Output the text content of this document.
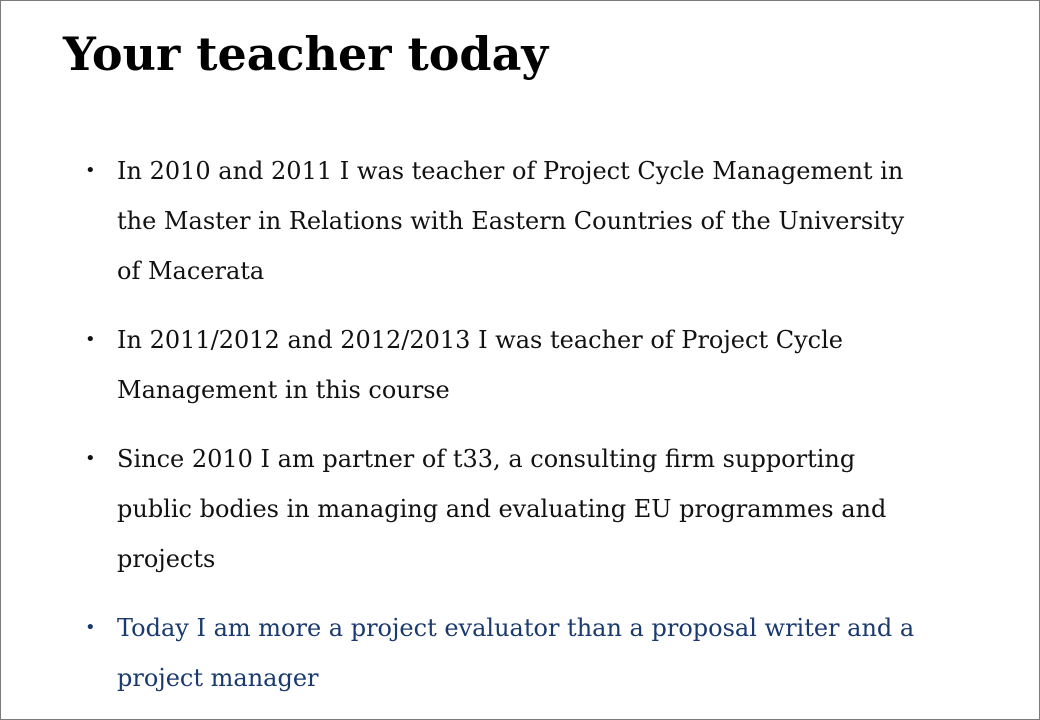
Your teacher today
• In 2010 and 2011 I was teacher of Project Cycle Management in the Master in Relations with Eastern Countries of the University of Macerata
• In 2011/2012 and 2012/2013 I was teacher of Project Cycle Management in this course
• Since 2010 I am partner of t33, a consulting firm supporting public bodies in managing and evaluating EU programmes and projects
• Today I am more a project evaluator than a proposal writer and a project manager
